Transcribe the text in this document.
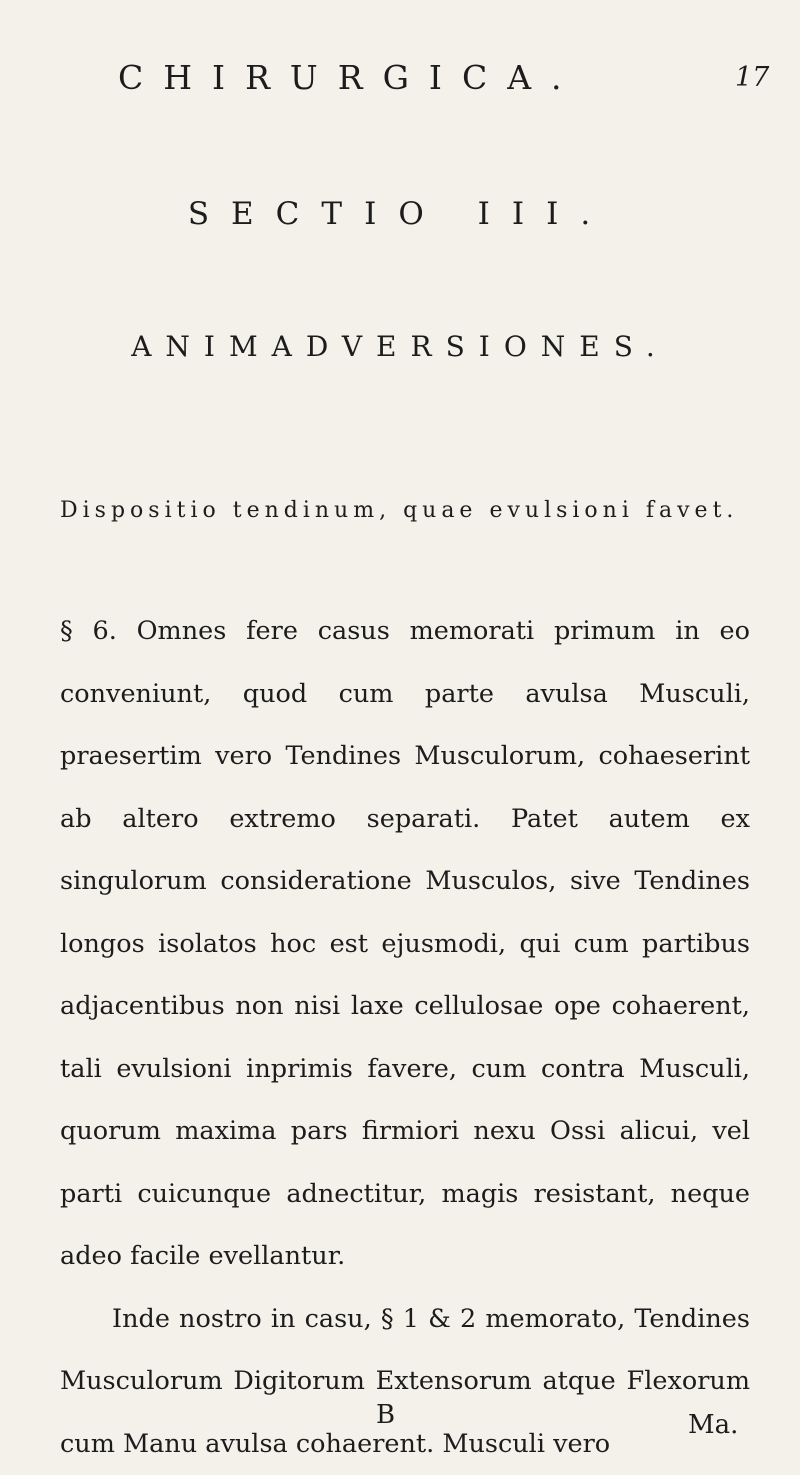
CHIRURGICA.	17
SECTIO III.
ANIMADVERSIONES.
Dispositio tendinum, quae evulsioni favet.

§ 6. Omnes fere casus memorati primum in eo conveniunt, quod cum parte avulsa Musculi, praesertim vero Tendines Musculorum, cohaeserint ab altero extremo separati. Patet autem ex singulorum consideratione Musculos, sive Tendines longos isolatos hoc est ejusmodi, qui cum partibus adjacentibus non nisi laxe cellulosae ope cohaerent, tali evulsioni inprimis favere, cum contra Musculi, quorum maxima pars firmiori nexu Ossi alicui, vel parti cuicunque adnectitur, magis resistant, neque adeo facile evellantur.

Inde nostro in casu, § 1 & 2 memorato, Tendines Musculorum Digitorum Extensorum atque Flexorum cum Manu avulsa cohaerent. Musculi vero

B	Ma.
